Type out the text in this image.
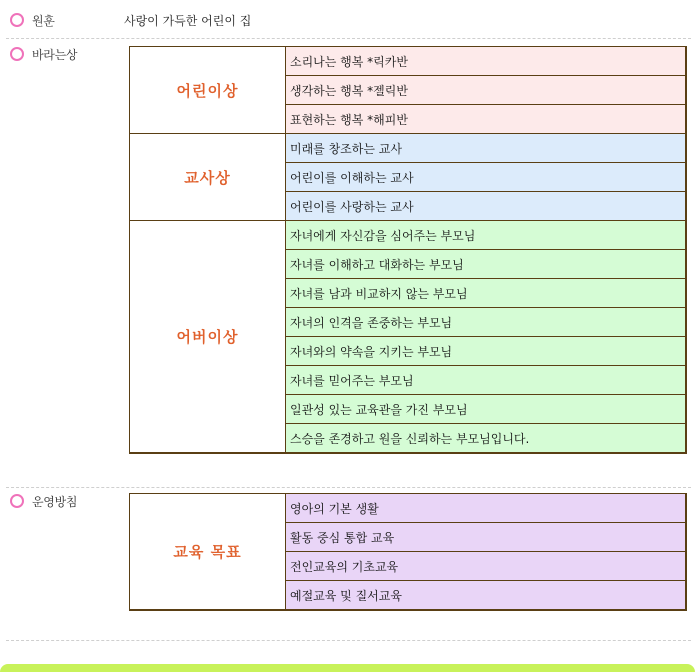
원훈	사랑이 가득한 어린이 집
바라는상
어린이상
소리나는 행복 *릭카반
생각하는 행복 *젤릭반
표현하는 행복 *해피반
교사상
미래를 창조하는 교사
어린이를 이해하는 교사
어린이를 사랑하는 교사
어버이상
자녀에게 자신감을 심어주는 부모님
자녀를 이해하고 대화하는 부모님
자녀를 남과 비교하지 않는 부모님
자녀의 인격을 존중하는 부모님
자녀와의 약속을 지키는 부모님
자녀를 믿어주는 부모님
일관성 있는 교육관을 가진 부모님
스승을 존경하고 원을 신뢰하는 부모님입니다.
운영방침
교육 목표
영아의 기본 생활
활동 중심 통합 교육
전인교육의 기초교육
예절교육 및 질서교육
